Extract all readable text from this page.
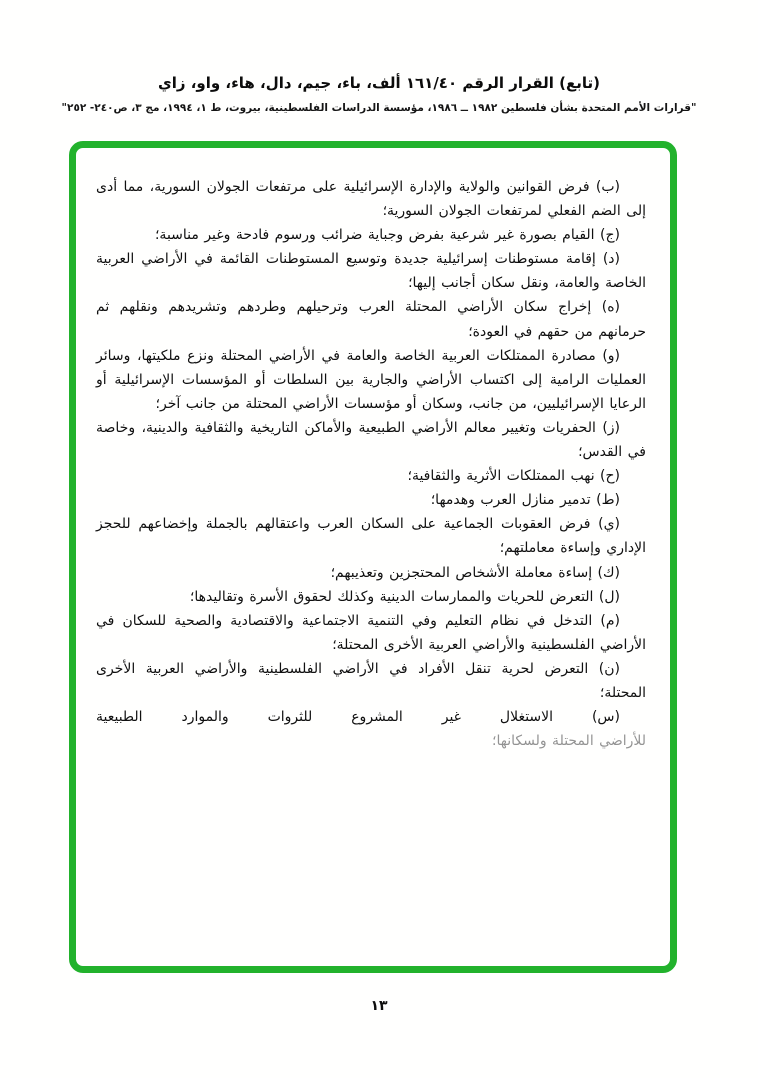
(تابع) القرار الرقم ١٦١/٤٠ ألف، باء، جيم، دال، هاء، واو، زاي
"قرارات الأمم المتحدة بشأن فلسطين ١٩٨٢ ــ ١٩٨٦، مؤسسة الدراسات الفلسطينية، بيروت، ط ١، ١٩٩٤، مج ٣، ص٢٤٠- ٢٥٢"

(ب) فرض القوانين والولاية والإدارة الإسرائيلية على مرتفعات الجولان السورية، مما أدى إلى الضم الفعلي لمرتفعات الجولان السورية؛

(ج) القيام بصورة غير شرعية بفرض وجباية ضرائب ورسوم فادحة وغير مناسبة؛

(د) إقامة مستوطنات إسرائيلية جديدة وتوسيع المستوطنات القائمة في الأراضي العربية الخاصة والعامة، ونقل سكان أجانب إليها؛

(ه) إخراج سكان الأراضي المحتلة العرب وترحيلهم وطردهم وتشريدهم ونقلهم ثم حرمانهم من حقهم في العودة؛

(و) مصادرة الممتلكات العربية الخاصة والعامة في الأراضي المحتلة ونزع ملكيتها، وسائر العمليات الرامية إلى اكتساب الأراضي والجارية بين السلطات أو المؤسسات الإسرائيلية أو الرعايا الإسرائيليين، من جانب، وسكان أو مؤسسات الأراضي المحتلة من جانب آخر؛

(ز) الحفريات وتغيير معالم الأراضي الطبيعية والأماكن التاريخية والثقافية والدينية، وخاصة في القدس؛

(ح) نهب الممتلكات الأثرية والثقافية؛

(ط) تدمير منازل العرب وهدمها؛

(ي) فرض العقوبات الجماعية على السكان العرب واعتقالهم بالجملة وإخضاعهم للحجز الإداري وإساءة معاملتهم؛

(ك) إساءة معاملة الأشخاص المحتجزين وتعذيبهم؛

(ل) التعرض للحريات والممارسات الدينية وكذلك لحقوق الأسرة وتقاليدها؛

(م) التدخل في نظام التعليم وفي التنمية الاجتماعية والاقتصادية والصحية للسكان في الأراضي الفلسطينية والأراضي العربية الأخرى المحتلة؛

(ن) التعرض لحرية تنقل الأفراد في الأراضي الفلسطينية والأراضي العربية الأخرى المحتلة؛

(س) الاستغلال غير المشروع للثروات والموارد الطبيعية

للأراضي المحتلة ولسكانها؛

١٣
